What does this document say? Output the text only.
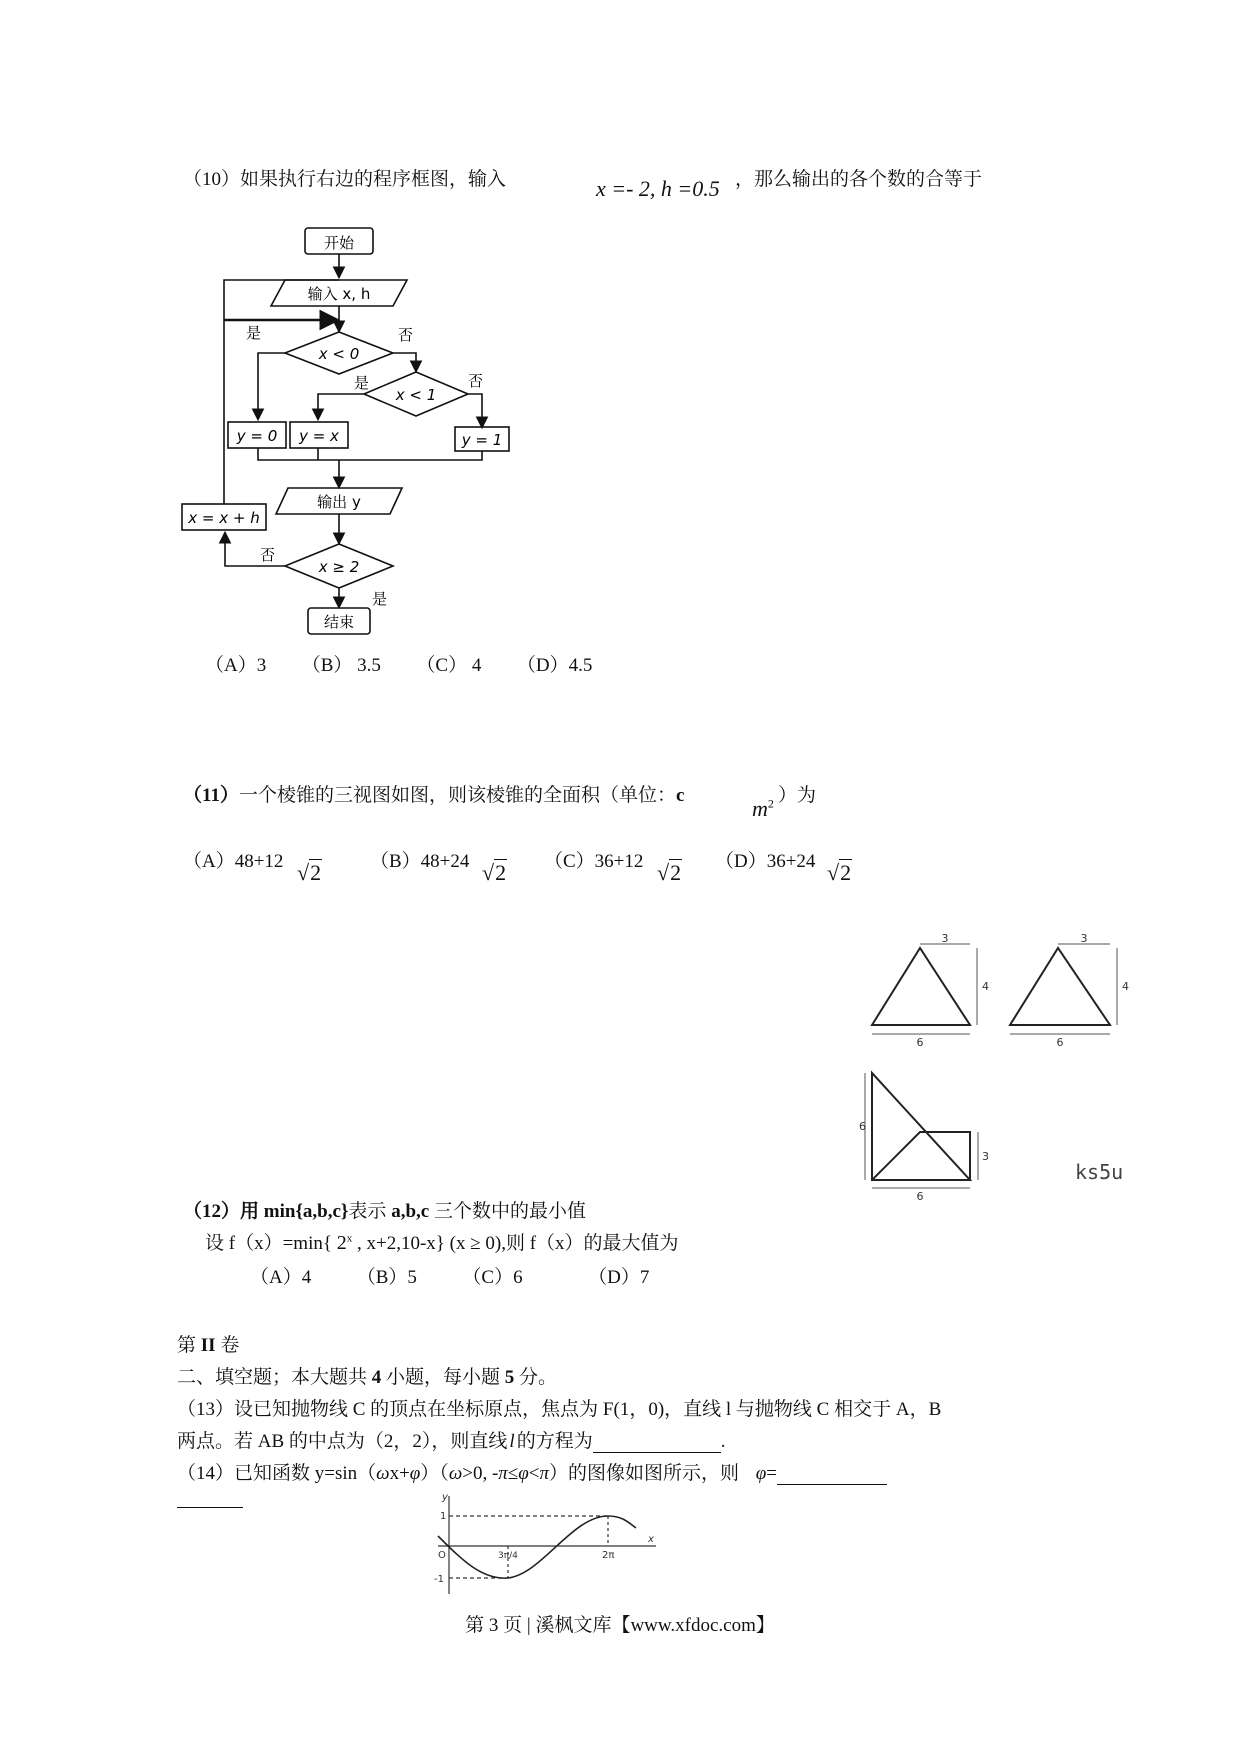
（10）如果执行右边的程序框图，输入	x =- 2, h =0.5 ，那么输出的各个数的合等于
开始
输入 x, h
x < 0
x < 1
y = 0 y = x	y = 1
输出 y
x = x + h
x ≥ 2
结束
是	否
是	否
否
是
（A）3 （B） 3.5 （C） 4 （D）4.5
（11）一个棱锥的三视图如图，则该棱锥的全面积（单位：c
$m^2$ ）为
（A）48+12 √2	（B）48+24 √2 （C）36+12 √2 （D）36+24 √2
3
4
6
3
4
6
6
3
6
ks5u
（12）用 min{a,b,c}表示 a,b,c 三个数中的最小值
设 f（x）=min{ 2$^x$ , x+2,10-x} (x ≥ 0),则 f（x）的最大值为
（A）4 （B）5 （C）6	（D）7
第 II 卷
二、填空题；本大题共 4 小题，每小题 5 分。
（13）设已知抛物线 C 的顶点在坐标原点，焦点为 F(1，0)，直线 l 与抛物线 C 相交于 A，B
两点。若 AB 的中点为（2，2），则直线 l 的方程为	.
（14）已知函数 y=sin（ωx+φ）（ω>0, -π≤φ<π）的图像如图所示，则 φ=
y
x
1
O
-1
3π/4	2π
第 3 页 | 溪枫文库【www.xfdoc.com】
